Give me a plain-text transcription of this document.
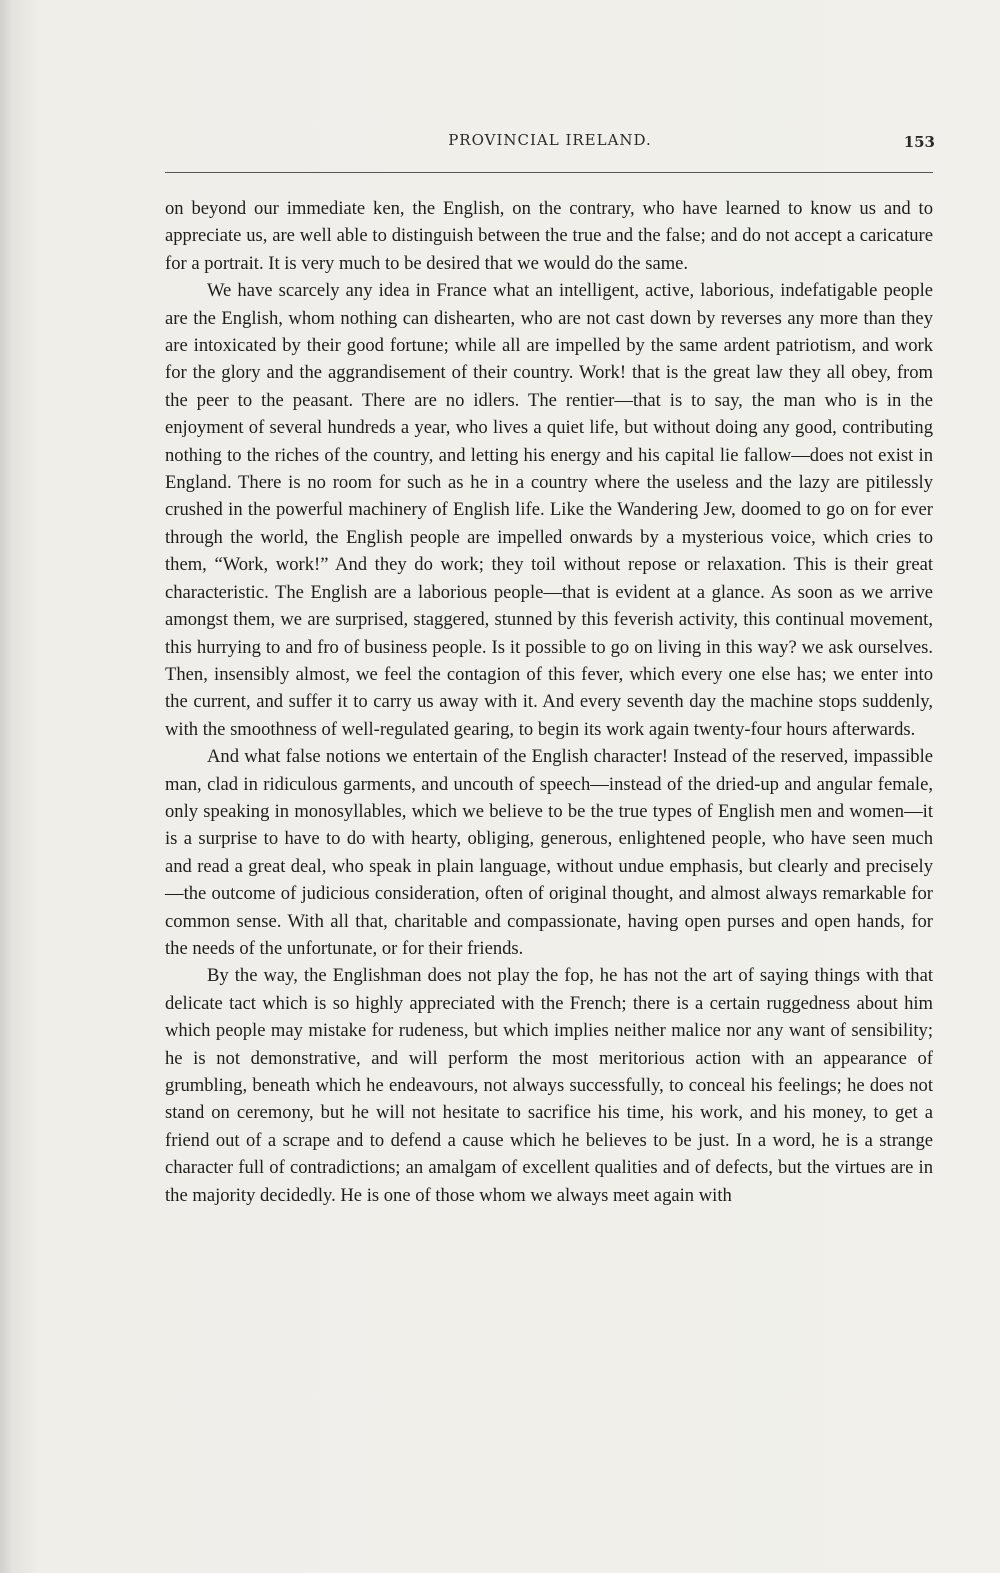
PROVINCIAL IRELAND.	153

on beyond our immediate ken, the English, on the contrary, who have learned to know us and to appreciate us, are well able to distinguish between the true and the false; and do not accept a caricature for a portrait. It is very much to be desired that we would do the same.

We have scarcely any idea in France what an intelligent, active, laborious, indefatigable people are the English, whom nothing can dishearten, who are not cast down by reverses any more than they are intoxicated by their good fortune; while all are impelled by the same ardent patriotism, and work for the glory and the aggrandisement of their country. Work! that is the great law they all obey, from the peer to the peasant. There are no idlers. The rentier—that is to say, the man who is in the enjoyment of several hundreds a year, who lives a quiet life, but without doing any good, contributing nothing to the riches of the country, and letting his energy and his capital lie fallow—does not exist in England. There is no room for such as he in a country where the useless and the lazy are pitilessly crushed in the powerful machinery of English life. Like the Wandering Jew, doomed to go on for ever through the world, the English people are impelled onwards by a mysterious voice, which cries to them, “Work, work!” And they do work; they toil without repose or relaxation. This is their great characteristic. The English are a laborious people—that is evident at a glance. As soon as we arrive amongst them, we are surprised, staggered, stunned by this feverish activity, this continual movement, this hurrying to and fro of business people. Is it possible to go on living in this way? we ask ourselves. Then, insensibly almost, we feel the contagion of this fever, which every one else has; we enter into the current, and suffer it to carry us away with it. And every seventh day the machine stops suddenly, with the smoothness of well-regulated gearing, to begin its work again twenty-four hours afterwards.

And what false notions we entertain of the English character! Instead of the reserved, impassible man, clad in ridiculous garments, and uncouth of speech—instead of the dried-up and angular female, only speaking in monosyllables, which we believe to be the true types of English men and women—it is a surprise to have to do with hearty, obliging, generous, enlightened people, who have seen much and read a great deal, who speak in plain language, without undue emphasis, but clearly and precisely—the outcome of judicious consideration, often of original thought, and almost always remarkable for common sense. With all that, charitable and compassionate, having open purses and open hands, for the needs of the unfortunate, or for their friends.

By the way, the Englishman does not play the fop, he has not the art of saying things with that delicate tact which is so highly appreciated with the French; there is a certain ruggedness about him which people may mistake for rudeness, but which implies neither malice nor any want of sensibility; he is not demonstrative, and will perform the most meritorious action with an appearance of grumbling, beneath which he endeavours, not always successfully, to conceal his feelings; he does not stand on ceremony, but he will not hesitate to sacrifice his time, his work, and his money, to get a friend out of a scrape and to defend a cause which he believes to be just. In a word, he is a strange character full of contradictions; an amalgam of excellent qualities and of defects, but the virtues are in the majority decidedly. He is one of those whom we always meet again with
